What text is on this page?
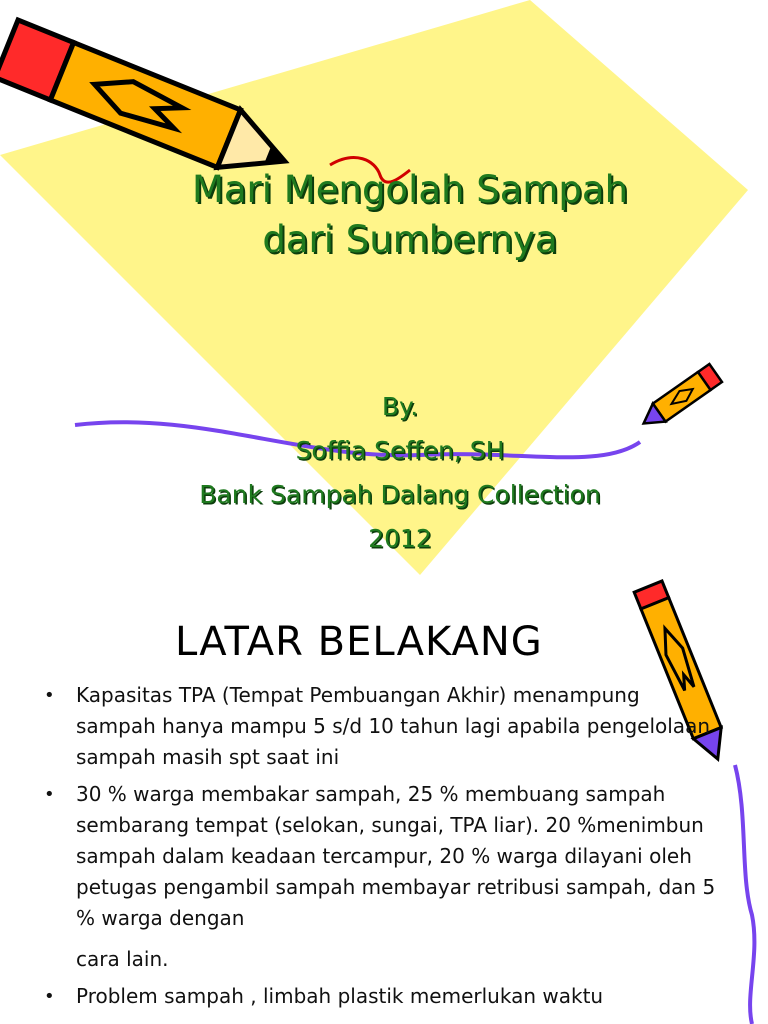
Mari Mengolah Sampah
dari Sumbernya
By.
Soffia Seffen, SH
Bank Sampah Dalang Collection
2012
LATAR BELAKANG
• Kapasitas TPA (Tempat Pembuangan Akhir) menampung sampah hanya mampu 5 s/d 10 tahun lagi apabila pengelolaan sampah masih spt saat ini
• 30 % warga membakar sampah, 25 % membuang sampah sembarang tempat (selokan, sungai, TPA liar). 20 %menimbun sampah dalam keadaan tercampur, 20 % warga dilayani oleh petugas pengambil sampah membayar retribusi sampah, dan 5 % warga dengan
cara lain.
• Problem sampah , limbah plastik memerlukan waktu
